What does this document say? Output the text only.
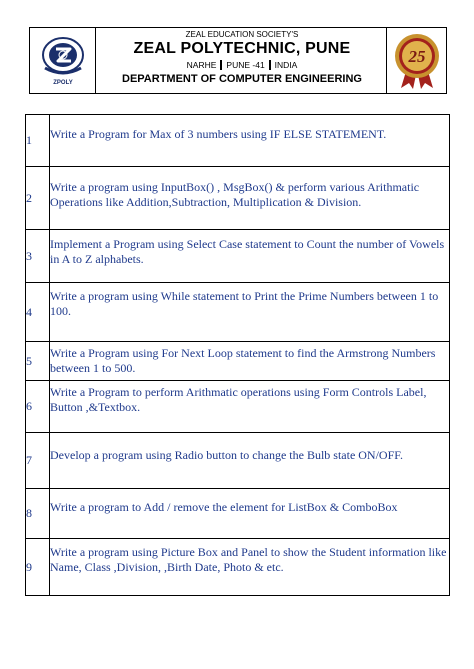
ZPOLY
ZEAL EDUCATION SOCIETY'S
ZEAL POLYTECHNIC, PUNE
NARHE PUNE -41 INDIA
DEPARTMENT OF COMPUTER ENGINEERING
25
1	Write a Program for Max of 3 numbers using IF ELSE STATEMENT.

2	Write a program using InputBox() , MsgBox() & perform various Arithmatic Operations like Addition,Subtraction, Multiplication & Division.

3	Implement a Program using Select Case statement to Count the number of Vowels in A to Z alphabets.

4	Write a program using While statement to Print the Prime Numbers between 1 to 100.

5	Write a Program using For Next Loop statement to find the Armstrong Numbers between 1 to 500.

6	Write a Program to perform Arithmatic operations using Form Controls Label, Button ,&Textbox.

7	Develop a program using Radio button to change the Bulb state ON/OFF.

8	Write a program to Add / remove the element for ListBox & ComboBox

9	Write a program using Picture Box and Panel to show the Student information like Name, Class ,Division, ,Birth Date, Photo & etc.
